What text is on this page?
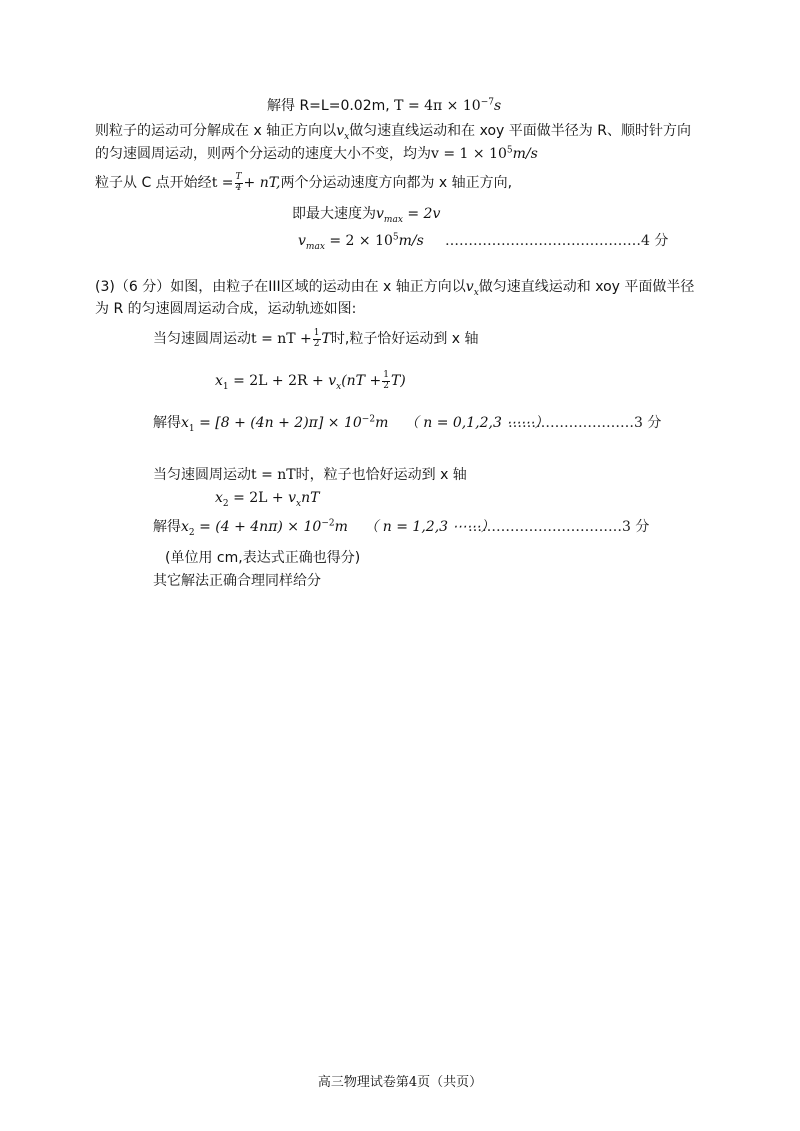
解得 R=L=0.02m, $T = 4\pi \times 10^{-7}s$
则粒子的运动可分解成在 x 轴正方向以$v_x$做匀速直线运动和在 xoy 平面做半径为 R、顺时针方向
的匀速圆周运动，则两个分运动的速度大小不变，均为$v = 1 \times 10^5m/s$
粒子从 C 点开始经$t = \frac{T}{4}$ + nT,两个分运动速度方向都为 x 轴正方向,
即最大速度为$v_{max} = 2v$
$v_{max} = 2 \times 10^5m/s$ ……………………………………4 分
(3)（6 分）如图，由粒子在III区域的运动由在 x 轴正方向以$v_x$做匀速直线运动和 xoy 平面做半径
为 R 的匀速圆周运动合成，运动轨迹如图:
当匀速圆周运动t = nT + $\frac{1}{2}$ T时,粒子恰好运动到 x 轴
$x_1 = 2L + 2R + v_x(nT + \frac{1}{2} T)$
解得$x_1 = [8 + (4n + 2)\pi] \times 10^{-2}m$ （ n = 0,1,2,3 ⋯⋯）
………………………3 分
当匀速圆周运动t = nT时，粒子也恰好运动到 x 轴
$x_2 = 2L + v_xnT$
解得$x_2 = (4 + 4n\pi) \times 10^{-2}m$ （ n = 1,2,3 ⋯⋯）
……………………………3 分
(单位用 cm,表达式正确也得分)
其它解法正确合理同样给分
高三物理试卷第4页（共页）
